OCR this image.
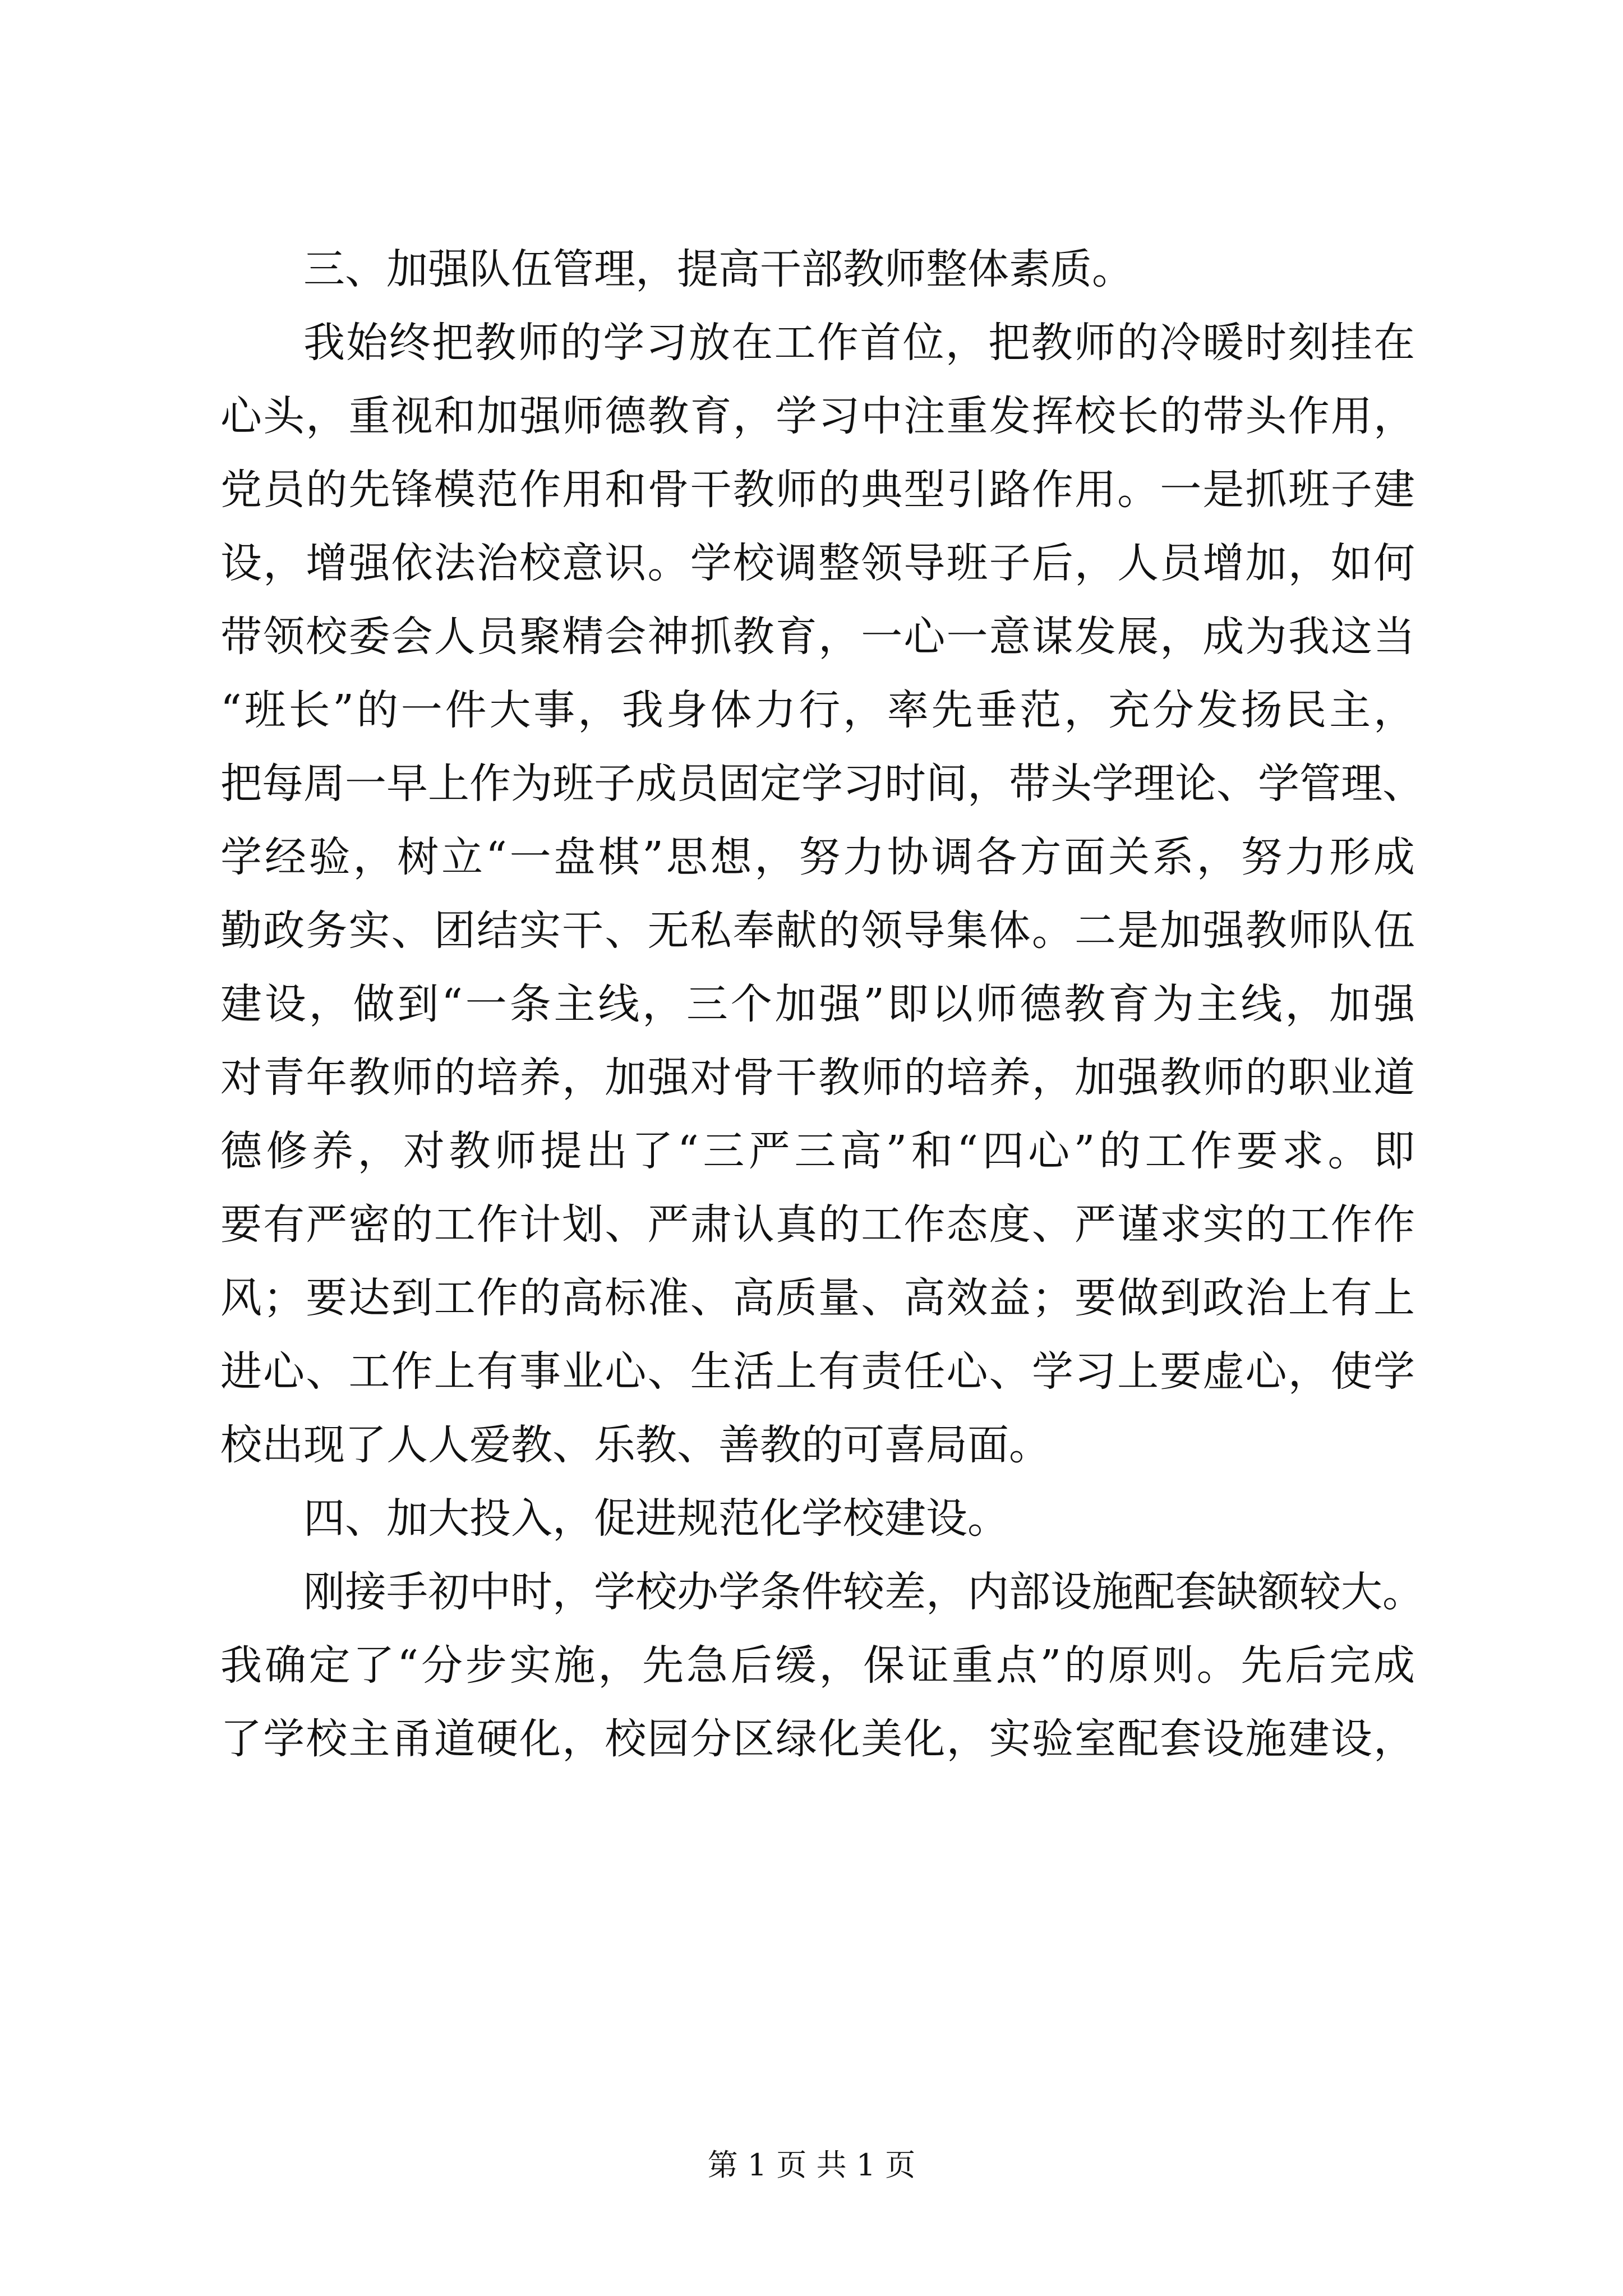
三、加强队伍管理，提高干部教师整体素质。
我始终把教师的学习放在工作首位，把教师的冷暖时刻挂在
心头，重视和加强师德教育，学习中注重发挥校长的带头作用，
党员的先锋模范作用和骨干教师的典型引路作用。一是抓班子建
设，增强依法治校意识。学校调整领导班子后，人员增加，如何
带领校委会人员聚精会神抓教育，一心一意谋发展，成为我这当
“班长”的一件大事，我身体力行，率先垂范，充分发扬民主，
把每周一早上作为班子成员固定学习时间，带头学理论、学管理、
学经验，树立“一盘棋”思想，努力协调各方面关系，努力形成
勤政务实、团结实干、无私奉献的领导集体。二是加强教师队伍
建设，做到“一条主线，三个加强”即以师德教育为主线，加强
对青年教师的培养，加强对骨干教师的培养，加强教师的职业道
德修养，对教师提出了“三严三高”和“四心”的工作要求。即
要有严密的工作计划、严肃认真的工作态度、严谨求实的工作作
风；要达到工作的高标准、高质量、高效益；要做到政治上有上
进心、工作上有事业心、生活上有责任心、学习上要虚心，使学
校出现了人人爱教、乐教、善教的可喜局面。
四、加大投入，促进规范化学校建设。
刚接手初中时，学校办学条件较差，内部设施配套缺额较大。
我确定了“分步实施，先急后缓，保证重点”的原则。先后完成
了学校主甬道硬化，校园分区绿化美化，实验室配套设施建设，
第 1 页 共 1 页
